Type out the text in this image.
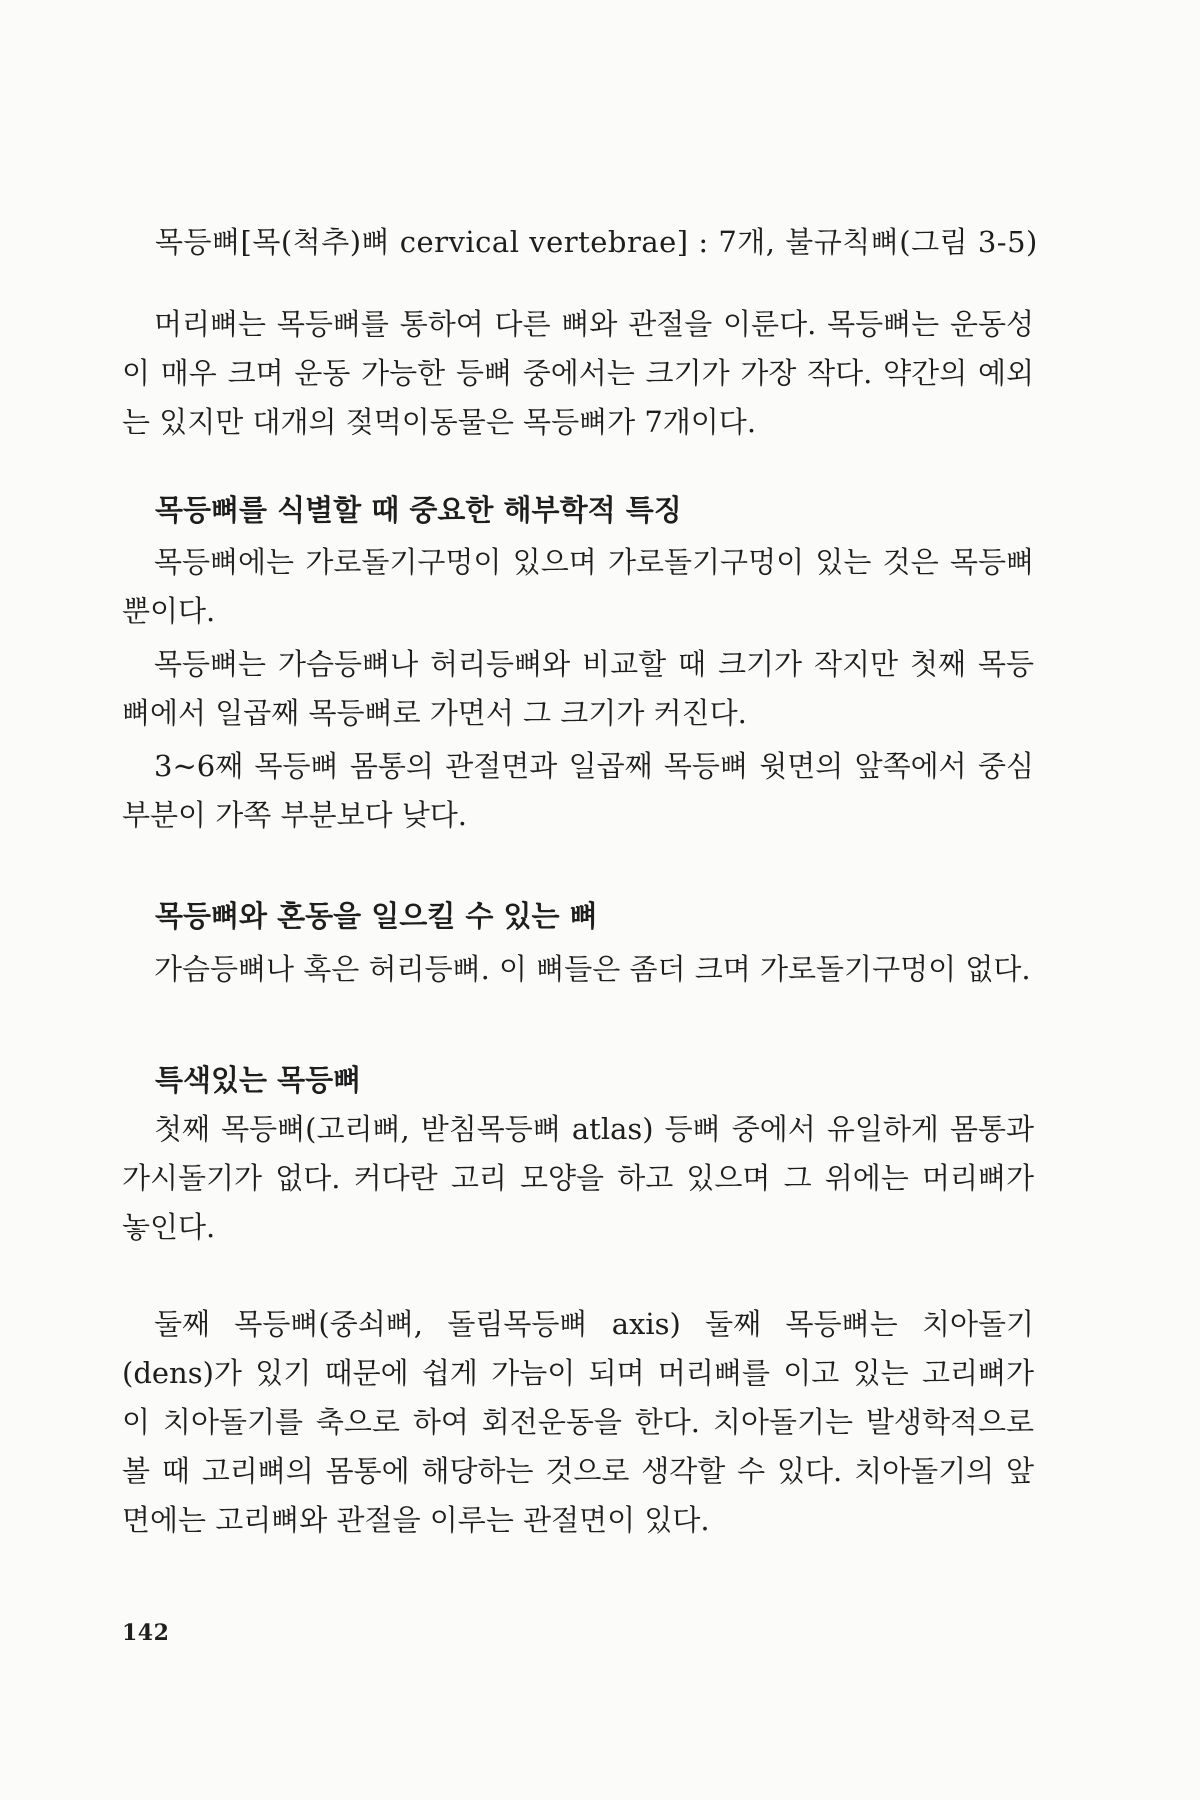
목등뼈[목(척추)뼈 cervical vertebrae] : 7개, 불규칙뼈(그림 3-5)
머리뼈는 목등뼈를 통하여 다른 뼈와 관절을 이룬다. 목등뼈는 운동성이 매우 크며 운동 가능한 등뼈 중에서는 크기가 가장 작다. 약간의 예외는 있지만 대개의 젖먹이동물은 목등뼈가 7개이다.
목등뼈를 식별할 때 중요한 해부학적 특징
목등뼈에는 가로돌기구멍이 있으며 가로돌기구멍이 있는 것은 목등뼈뿐이다.
목등뼈는 가슴등뼈나 허리등뼈와 비교할 때 크기가 작지만 첫째 목등뼈에서 일곱째 목등뼈로 가면서 그 크기가 커진다.
3∼6째 목등뼈 몸통의 관절면과 일곱째 목등뼈 윗면의 앞쪽에서 중심 부분이 가쪽 부분보다 낮다.
목등뼈와 혼동을 일으킬 수 있는 뼈
가슴등뼈나 혹은 허리등뼈. 이 뼈들은 좀더 크며 가로돌기구멍이 없다.
특색있는 목등뼈
첫째 목등뼈(고리뼈, 받침목등뼈 atlas) 등뼈 중에서 유일하게 몸통과 가시돌기가 없다. 커다란 고리 모양을 하고 있으며 그 위에는 머리뼈가 놓인다.
둘째 목등뼈(중쇠뼈, 돌림목등뼈 axis) 둘째 목등뼈는 치아돌기(dens)가 있기 때문에 쉽게 가늠이 되며 머리뼈를 이고 있는 고리뼈가 이 치아돌기를 축으로 하여 회전운동을 한다. 치아돌기는 발생학적으로 볼 때 고리뼈의 몸통에 해당하는 것으로 생각할 수 있다. 치아돌기의 앞면에는 고리뼈와 관절을 이루는 관절면이 있다.
142
